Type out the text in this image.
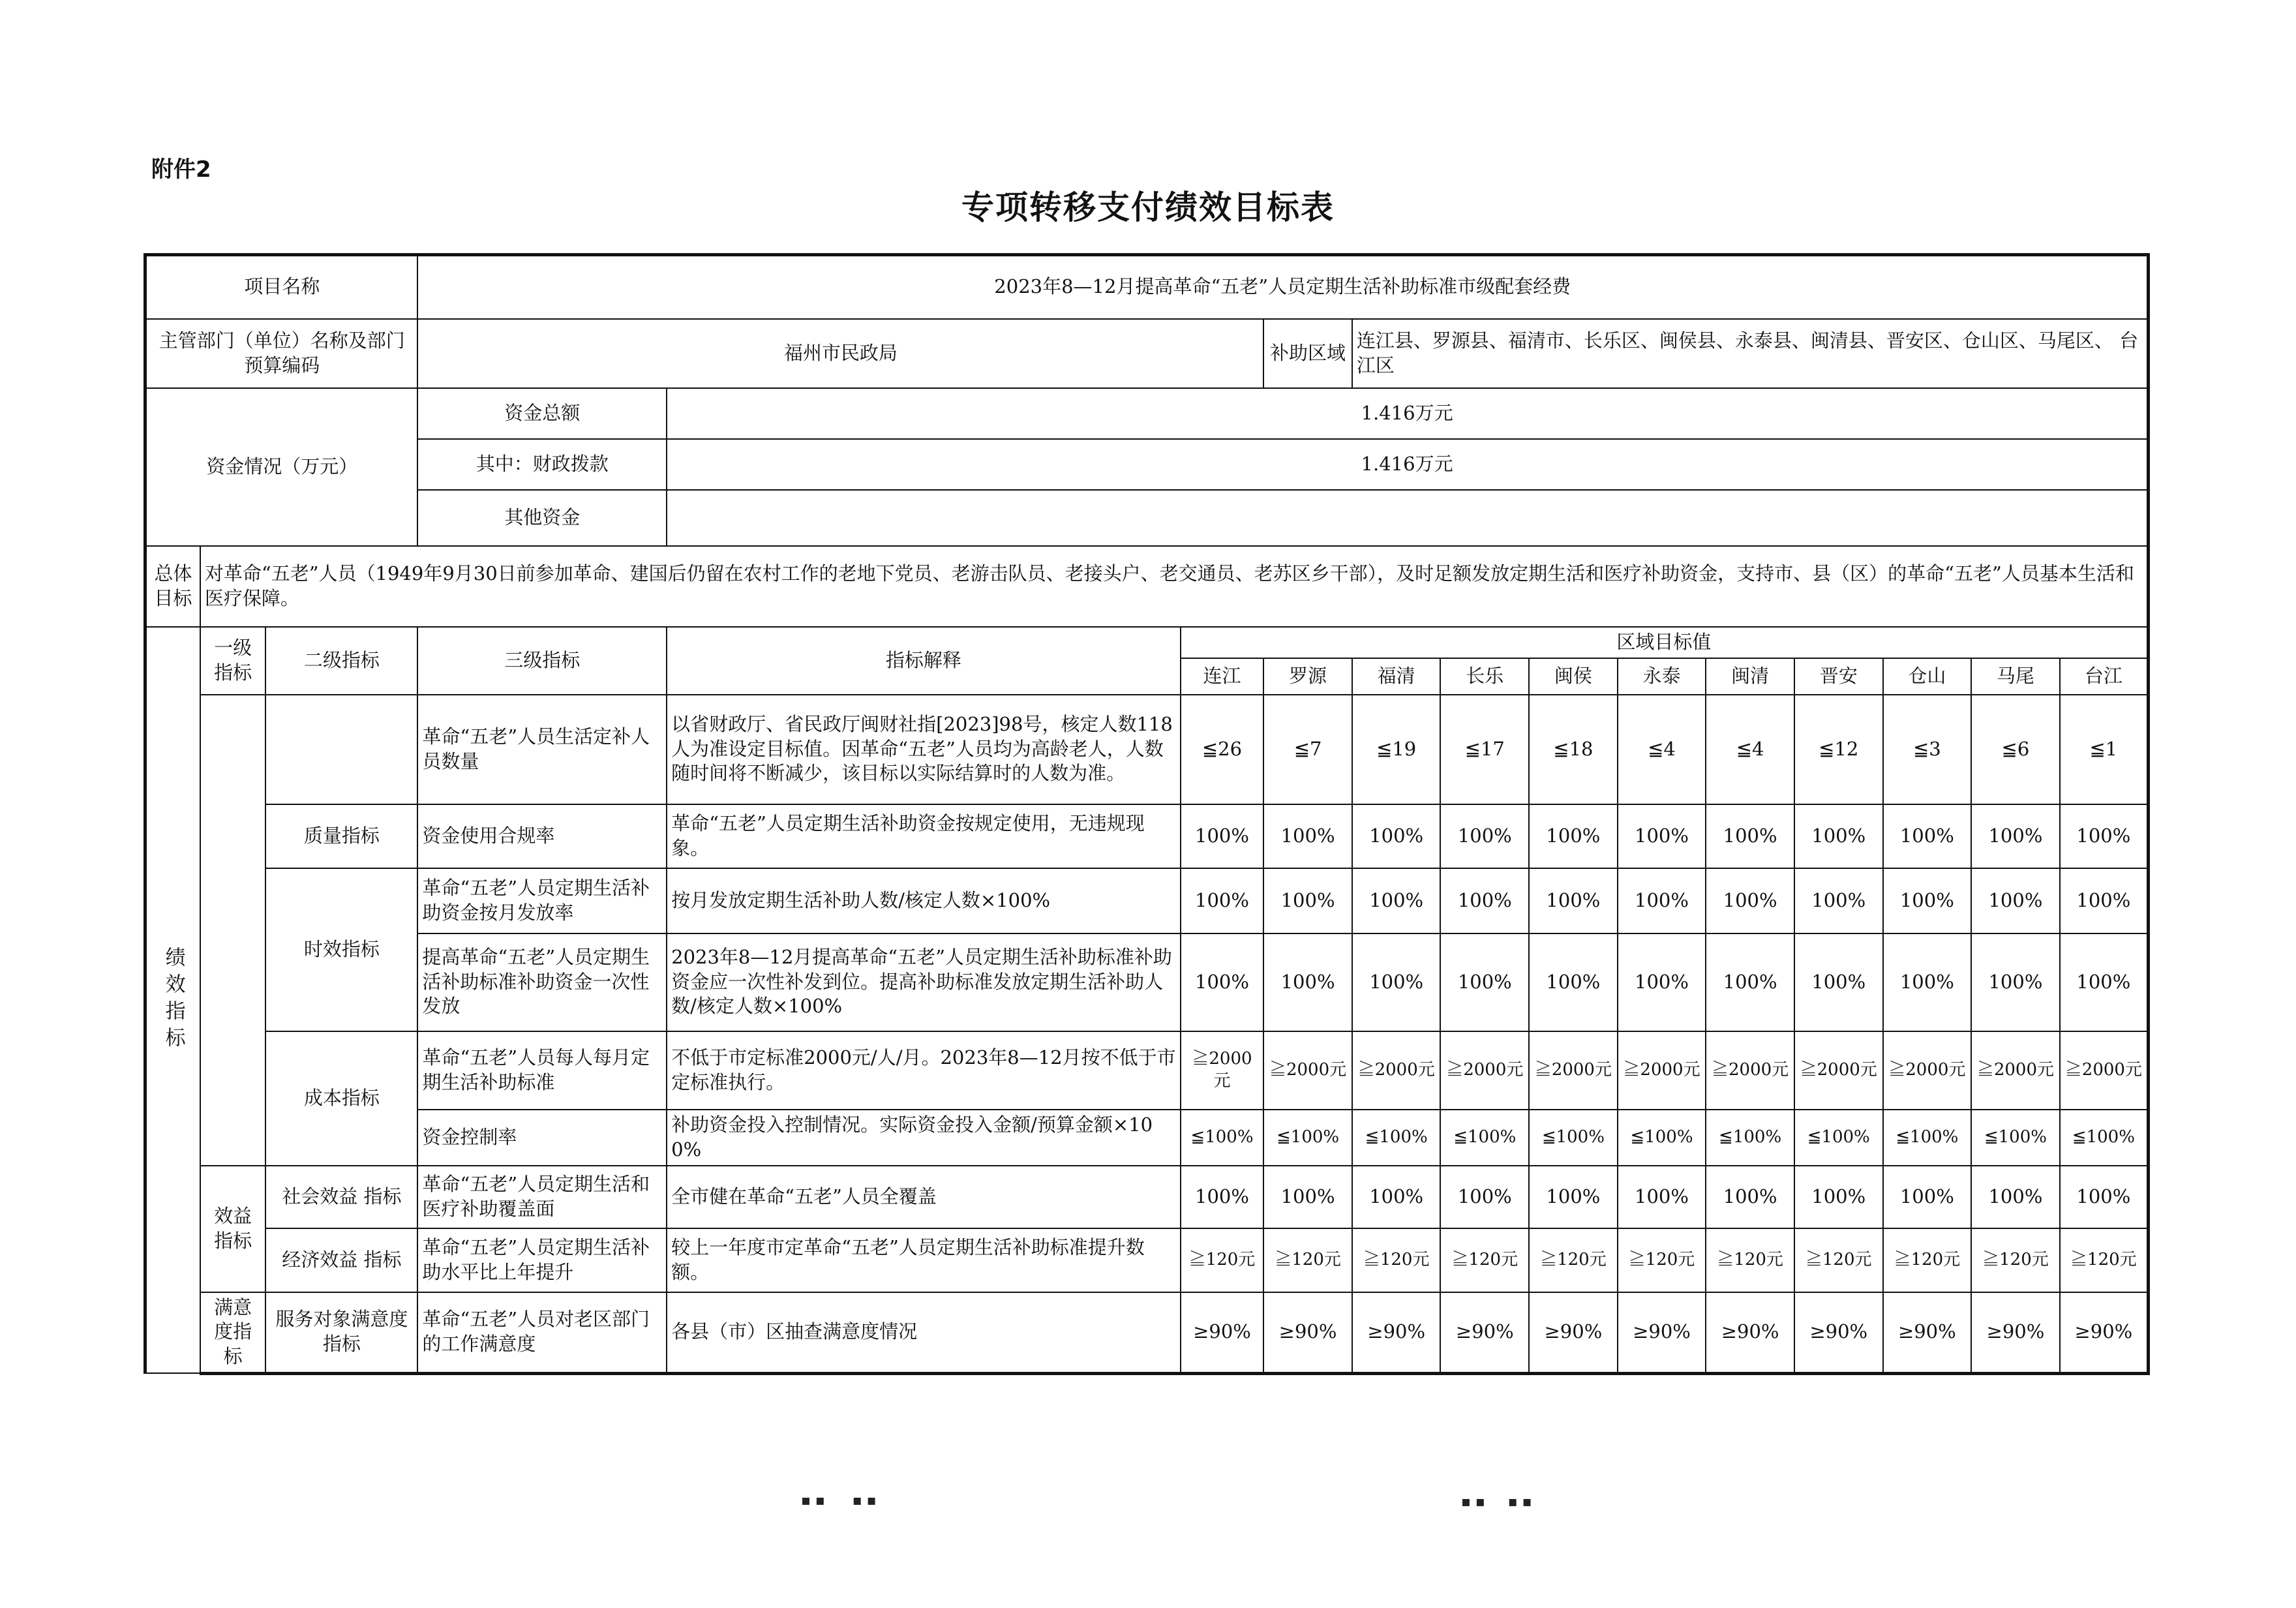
附件2
专项转移支付绩效目标表
项目名称			2023年8—12月提高革命“五老”人员定期生活补助标准市级配套经费												
主管部门（单位）名称及部门预算编码			福州市民政局			补助区域	连江县、罗源县、福清市、长乐区、闽侯县、永泰县、闽清县、晋安区、仓山区、马尾区、 台江区								
资金情况（万元）			资金总额	1.416万元											
			其中：财政拨款	1.416万元											
			其他资金												
总体目标	对革命“五老”人员（1949年9月30日前参加革命、建国后仍留在农村工作的老地下党员、老游击队员、老接头户、老交通员、老苏区乡干部），及时足额发放定期生活和医疗补助资金，支持市、县（区）的革命“五老”人员基本生活和医疗保障。														
绩效指标	一级指标	二级指标	三级指标	指标解释	区域目标值										
					连江	罗源	福清	长乐	闽侯	永泰	闽清	晋安	仓山	马尾	台江
			革命“五老”人员生活定补人员数量	以省财政厅、省民政厅闽财社指[2023]98号，核定人数118人为准设定目标值。因革命“五老”人员均为高龄老人，人数随时间将不断减少，该目标以实际结算时的人数为准。	≦26	≦7	≦19	≦17	≦18	≦4	≦4	≦12	≦3	≦6	≦1
		质量指标	资金使用合规率	革命“五老”人员定期生活补助资金按规定使用，无违规现象。	100%	100%	100%	100%	100%	100%	100%	100%	100%	100%	100%
		时效指标	革命“五老”人员定期生活补助资金按月发放率	按月发放定期生活补助人数/核定人数×100%	100%	100%	100%	100%	100%	100%	100%	100%	100%	100%	100%
			提高革命“五老”人员定期生活补助标准补助资金一次性发放	2023年8—12月提高革命“五老”人员定期生活补助标准补助资金应一次性补发到位。提高补助标准发放定期生活补助人数/核定人数×100%	100%	100%	100%	100%	100%	100%	100%	100%	100%	100%	100%
		成本指标	革命“五老”人员每人每月定期生活补助标准	不低于市定标准2000元/人/月。2023年8—12月按不低于市定标准执行。	≧2000元	≧2000元	≧2000元	≧2000元	≧2000元	≧2000元	≧2000元	≧2000元	≧2000元	≧2000元	≧2000元
			资金控制率	补助资金投入控制情况。实际资金投入金额/预算金额×100%	≦100%	≦100%	≦100%	≦100%	≦100%	≦100%	≦100%	≦100%	≦100%	≦100%	≦100%
	效益指标	社会效益 指标	革命“五老”人员定期生活和医疗补助覆盖面	全市健在革命“五老”人员全覆盖	100%	100%	100%	100%	100%	100%	100%	100%	100%	100%	100%
		经济效益 指标	革命“五老”人员定期生活补助水平比上年提升	较上一年度市定革命“五老”人员定期生活补助标准提升数额。	≧120元	≧120元	≧120元	≧120元	≧120元	≧120元	≧120元	≧120元	≧120元	≧120元	≧120元
	满意度指标	服务对象满意度指标	革命“五老”人员对老区部门的工作满意度	各县（市）区抽查满意度情况	≥90%	≥90%	≥90%	≥90%	≥90%	≥90%	≥90%	≥90%	≥90%	≥90%	≥90%
▪ ▪      ▪ ▪	▪ ▪     ▪ ▪
